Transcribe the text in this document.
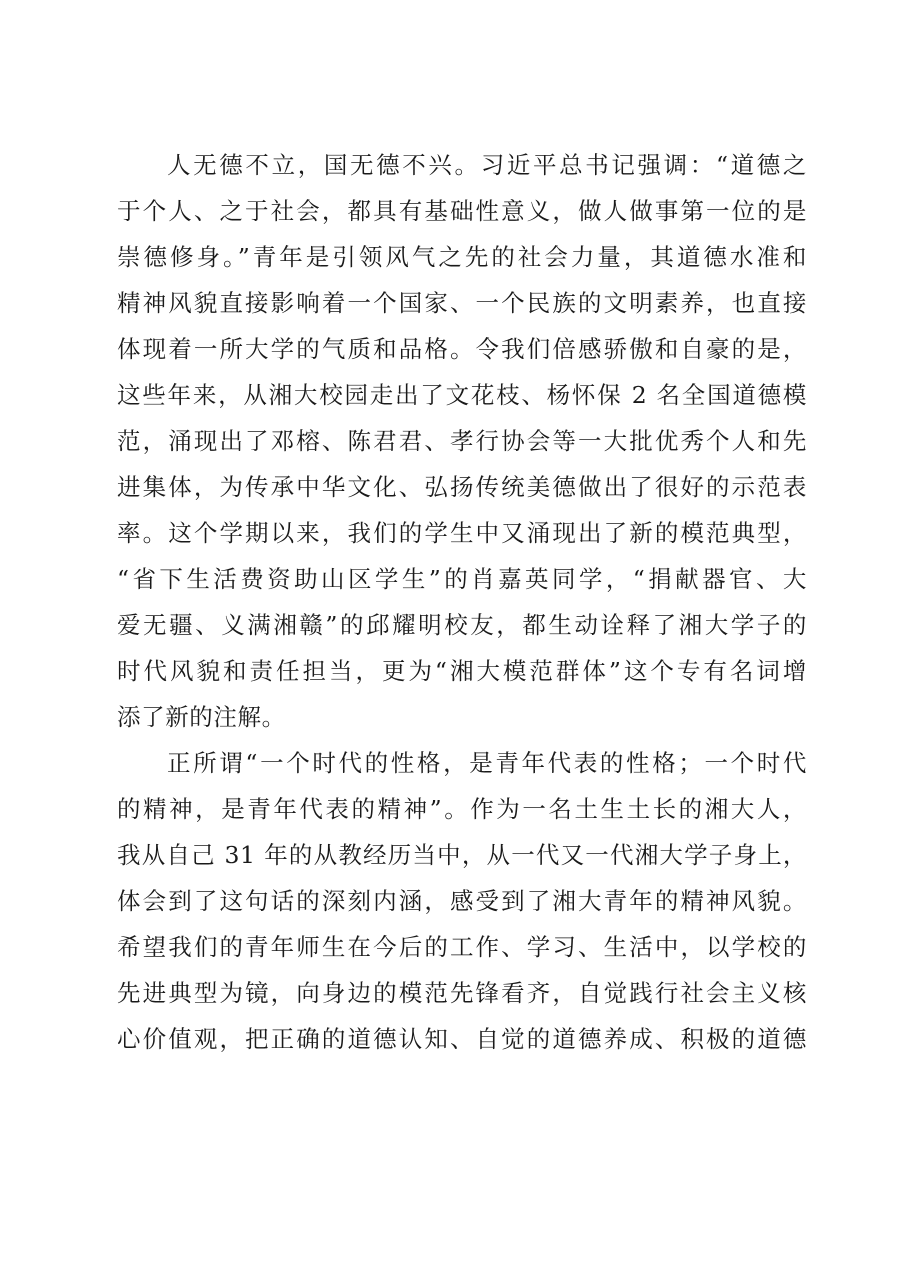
人无德不立，国无德不兴。习近平总书记强调：“道德之
于个人、之于社会，都具有基础性意义，做人做事第一位的是
崇德修身。”青年是引领风气之先的社会力量，其道德水准和
精神风貌直接影响着一个国家、一个民族的文明素养，也直接
体现着一所大学的气质和品格。令我们倍感骄傲和自豪的是，
这些年来，从湘大校园走出了文花枝、杨怀保 2 名全国道德模
范，涌现出了邓榕、陈君君、孝行协会等一大批优秀个人和先
进集体，为传承中华文化、弘扬传统美德做出了很好的示范表
率。这个学期以来，我们的学生中又涌现出了新的模范典型，
“省下生活费资助山区学生”的肖嘉英同学，“捐献器官、大
爱无疆、义满湘赣”的邱耀明校友，都生动诠释了湘大学子的
时代风貌和责任担当，更为“湘大模范群体”这个专有名词增
添了新的注解。

正所谓“一个时代的性格，是青年代表的性格；一个时代
的精神，是青年代表的精神”。作为一名土生土长的湘大人，
我从自己 31 年的从教经历当中，从一代又一代湘大学子身上，
体会到了这句话的深刻内涵，感受到了湘大青年的精神风貌。
希望我们的青年师生在今后的工作、学习、生活中，以学校的
先进典型为镜，向身边的模范先锋看齐，自觉践行社会主义核
心价值观，把正确的道德认知、自觉的道德养成、积极的道德
